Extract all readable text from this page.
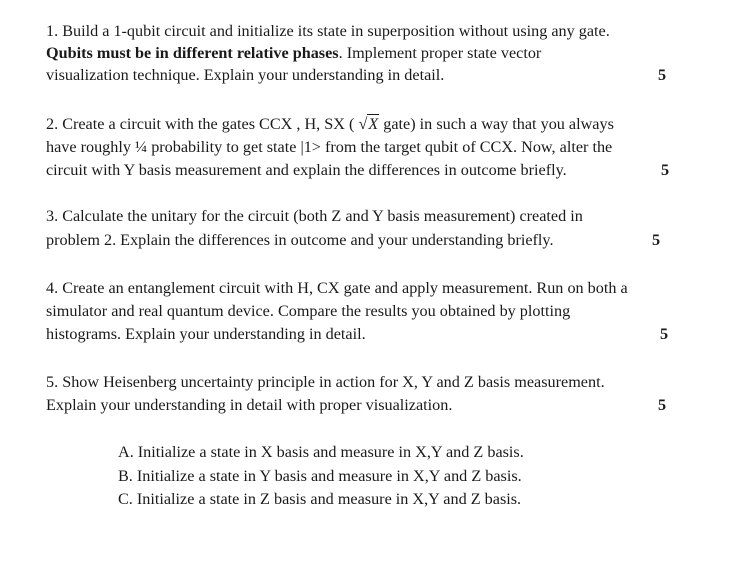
1. Build a 1-qubit circuit and initialize its state in superposition without using any gate.
Qubits must be in different relative phases. Implement proper state vector
visualization technique. Explain your understanding in detail.	5
2. Create a circuit with the gates CCX , H, SX ( √X gate) in such a way that you always
have roughly ¼ probability to get state |1> from the target qubit of CCX. Now, alter the
circuit with Y basis measurement and explain the differences in outcome briefly.	5
3. Calculate the unitary for the circuit (both Z and Y basis measurement) created in
problem 2. Explain the differences in outcome and your understanding briefly.	5
4. Create an entanglement circuit with H, CX gate and apply measurement. Run on both a
simulator and real quantum device. Compare the results you obtained by plotting
histograms. Explain your understanding in detail.	5
5. Show Heisenberg uncertainty principle in action for X, Y and Z basis measurement.
Explain your understanding in detail with proper visualization.	5
A. Initialize a state in X basis and measure in X,Y and Z basis.
B. Initialize a state in Y basis and measure in X,Y and Z basis.
C. Initialize a state in Z basis and measure in X,Y and Z basis.
